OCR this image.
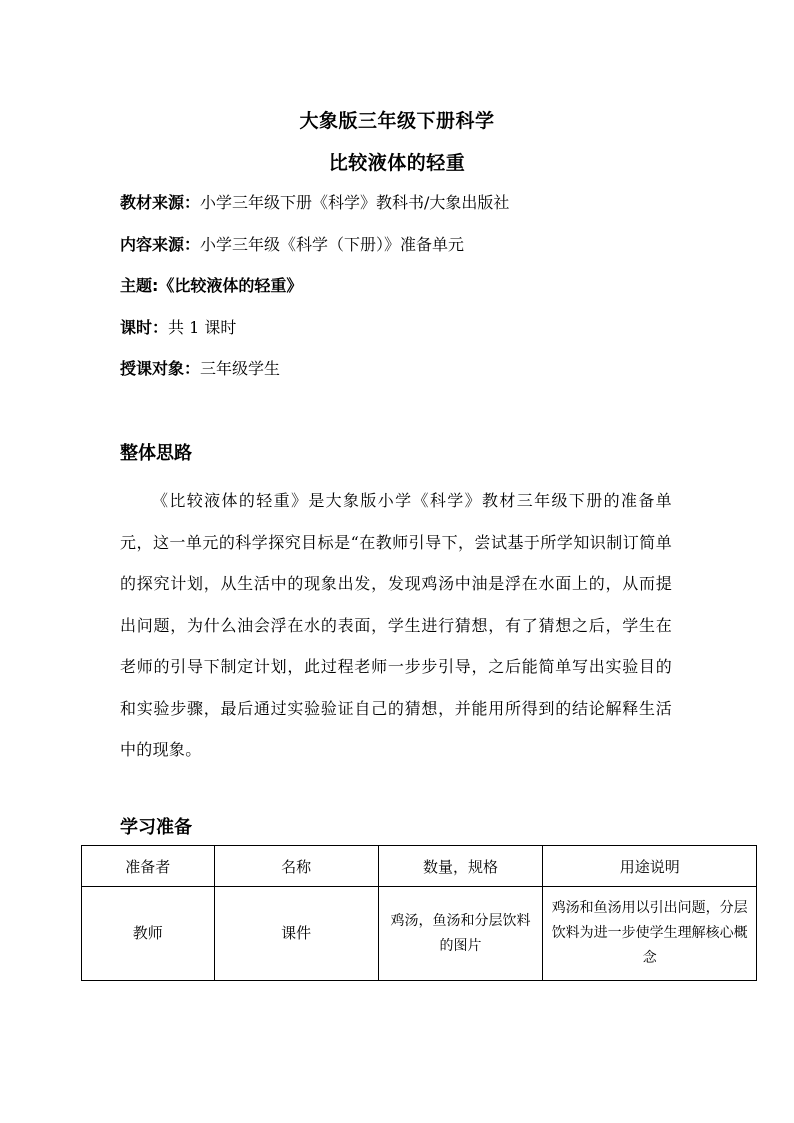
大象版三年级下册科学
比较液体的轻重
教材来源：小学三年级下册《科学》教科书/大象出版社
内容来源：小学三年级《科学（下册）》准备单元
主题:《比较液体的轻重》
课时：共 1 课时
授课对象：三年级学生
整体思路
《比较液体的轻重》是大象版小学《科学》教材三年级下册的准备单元，这一单元的科学探究目标是“在教师引导下，尝试基于所学知识制订简单的探究计划，从生活中的现象出发，发现鸡汤中油是浮在水面上的，从而提出问题，为什么油会浮在水的表面，学生进行猜想，有了猜想之后，学生在老师的引导下制定计划，此过程老师一步步引导，之后能简单写出实验目的和实验步骤，最后通过实验验证自己的猜想，并能用所得到的结论解释生活中的现象。
学习准备
准备者	名称	数量，规格	用途说明
教师	课件	鸡汤，鱼汤和分层饮料的图片	鸡汤和鱼汤用以引出问题，分层饮料为进一步使学生理解核心概念
